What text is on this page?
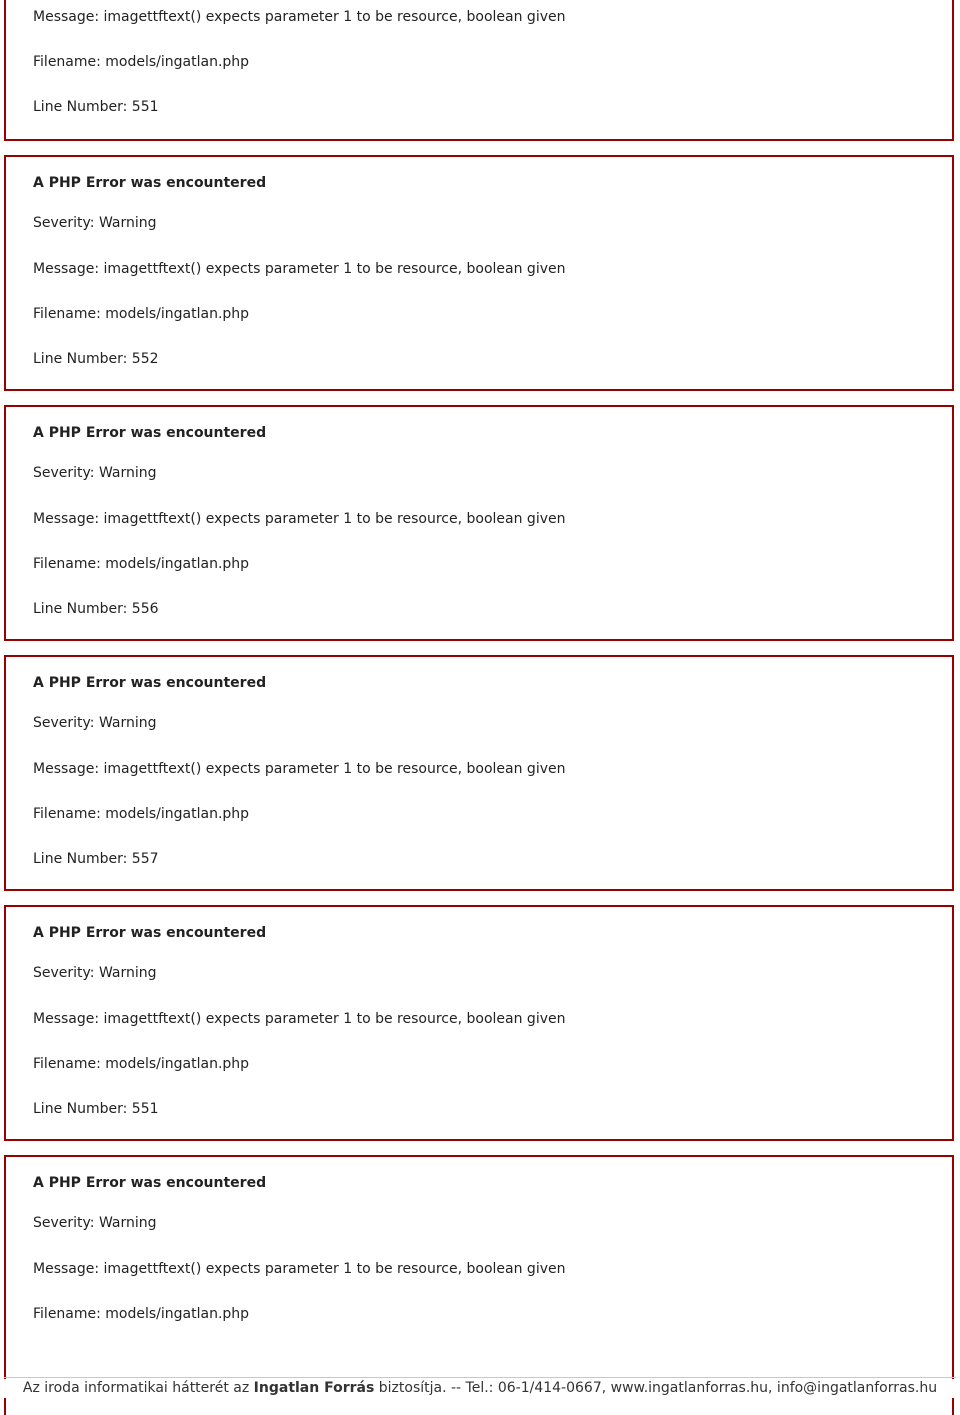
Message: imagettftext() expects parameter 1 to be resource, boolean given
Filename: models/ingatlan.php
Line Number: 551
A PHP Error was encountered
Severity: Warning
Message: imagettftext() expects parameter 1 to be resource, boolean given
Filename: models/ingatlan.php
Line Number: 552
A PHP Error was encountered
Severity: Warning
Message: imagettftext() expects parameter 1 to be resource, boolean given
Filename: models/ingatlan.php
Line Number: 556
A PHP Error was encountered
Severity: Warning
Message: imagettftext() expects parameter 1 to be resource, boolean given
Filename: models/ingatlan.php
Line Number: 557
A PHP Error was encountered
Severity: Warning
Message: imagettftext() expects parameter 1 to be resource, boolean given
Filename: models/ingatlan.php
Line Number: 551
A PHP Error was encountered
Severity: Warning
Message: imagettftext() expects parameter 1 to be resource, boolean given
Filename: models/ingatlan.php
Az iroda informatikai hátterét az Ingatlan Forrás biztosítja. -- Tel.: 06-1/414-0667, www.ingatlanforras.hu, info@ingatlanforras.hu
